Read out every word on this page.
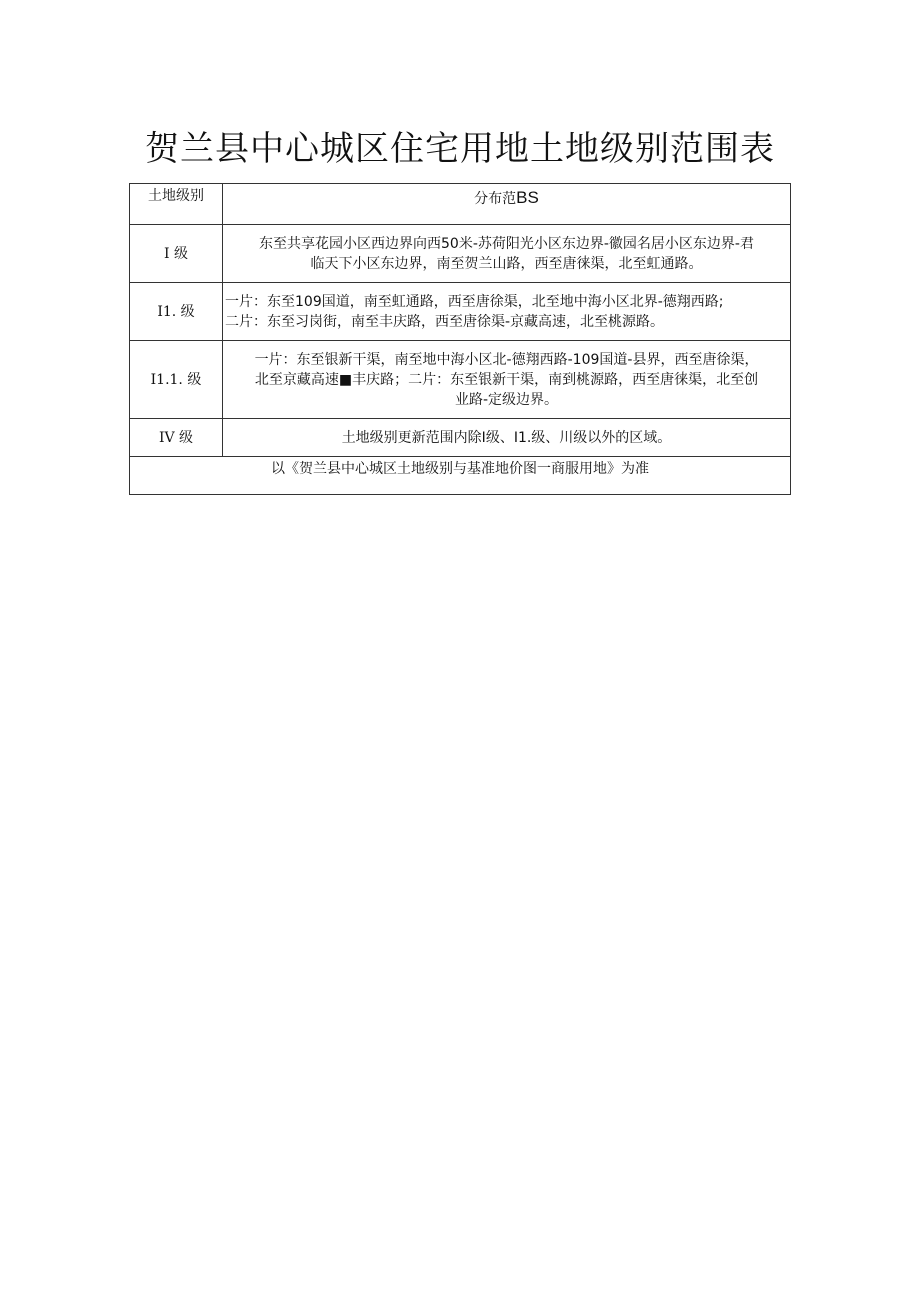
贺兰县中心城区住宅用地土地级别范围表
土地级别	分布范BS
I 级	东至共享花园小区西边界向西50米-苏荷阳光小区东边界-徽园名居小区东边界-君
临天下小区东边界，南至贺兰山路，西至唐徕渠，北至虹通路。

I1. 级	一片：东至109国道，南至虹通路，西至唐徐渠，北至地中海小区北界-德翔西路;
二片：东至习岗街，南至丰庆路，西至唐徐渠-京藏高速，北至桃源路。

I1.1. 级	一片：东至银新干渠，南至地中海小区北-德翔西路-109国道-县界，西至唐徐渠，
北至京藏高速■丰庆路；二片：东至银新干渠，南到桃源路，西至唐徕渠，北至创
业路-定级边界。

IV 级	土地级别更新范围内除I级、I1.级、川级以外的区域。

以《贺兰县中心城区土地级别与基准地价图一商服用地》为准	
